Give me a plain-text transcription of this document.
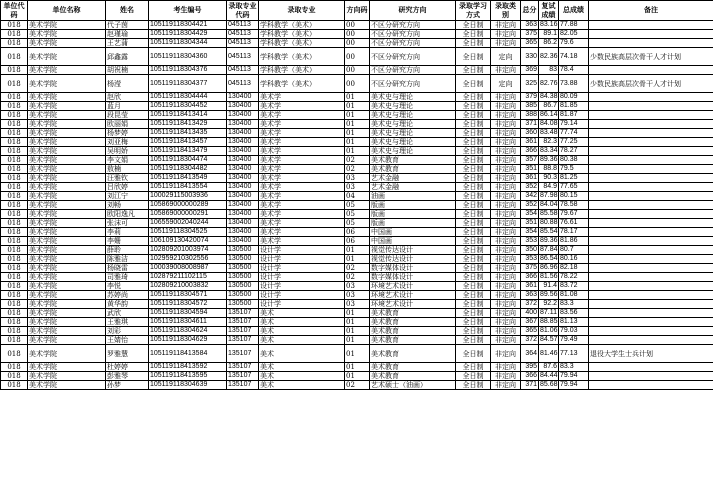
单位代码	单位名称	姓名	考生编号	录取专业代码	录取专业	方向码	研究方向	录取学习方式	录取类别	总分	复试成绩	总成绩	备注
018	美术学院	代子茵	105119118304421	045113	学科教学（美术）	00	不区分研究方向	全日制	非定向	363	83.16	77.88	
018	美术学院	赵瑾瑜	105119118304429	045113	学科教学（美术）	00	不区分研究方向	全日制	非定向	375	89.1	82.05	
018	美术学院	王艺蒲	105119118304344	045113	学科教学（美术）	00	不区分研究方向	全日制	非定向	365	86.2	79.6	
018	美术学院	邱鑫露	105119118304360	045113	学科教学（美术）	00	不区分研究方向	全日制	定向	330	82.36	74.18	少数民族高层次骨干人才计划
018	美术学院	胡祝楠	105119118304376	045113	学科教学（美术）	00	不区分研究方向	全日制	非定向	369	83	78.4	
018	美术学院	杨滢	105119118304377	045113	学科教学（美术）	00	不区分研究方向	全日制	定向	325	82.76	73.88	少数民族高层次骨干人才计划
018	美术学院	赵欣	105119118304444	130400	美术学	01	美术史与理论	全日制	非定向	379	84.38	80.09	
018	美术学院	蓝月	105119118304452	130400	美术学	01	美术史与理论	全日制	非定向	385	86.7	81.85	
018	美术学院	段昆莹	105119118413414	130400	美术学	01	美术史与理论	全日制	非定向	388	86.14	81.87	
018	美术学院	欧丽娟	105119118413429	130400	美术学	01	美术史与理论	全日制	非定向	371	84.08	79.14	
018	美术学院	杨梦婷	105119118413435	130400	美术学	01	美术史与理论	全日制	非定向	360	83.48	77.74	
018	美术学院	刘亚梅	105119118413457	130400	美术学	01	美术史与理论	全日制	非定向	361	82.3	77.25	
018	美术学院	吴明娇	105119118413479	130400	美术学	01	美术史与理论	全日制	非定向	366	83.34	78.27	
018	美术学院	李文娟	105119118304474	130400	美术学	02	美术教育	全日制	非定向	357	89.36	80.38	
018	美术学院	敖楠	105119118304482	130400	美术学	02	美术教育	全日制	非定向	351	88.8	79.5	
018	美术学院	汪雅钦	105119118413549	130400	美术学	03	艺术金融	全日制	非定向	361	90.3	81.25	
018	美术学院	吕欣婷	105119118413554	130400	美术学	03	艺术金融	全日制	非定向	352	84.9	77.65	
018	美术学院	刘江宁	100029115003936	130400	美术学	04	油画	全日制	非定向	342	87.98	80.15	
018	美术学院	刘畅	105869000000289	130400	美术学	05	版画	全日制	非定向	352	84.04	78.58	
018	美术学院	欧阳逸凡	105869000000291	130400	美术学	05	版画	全日制	非定向	354	85.58	79.67	
018	美术学院	张沫可	106559002040244	130400	美术学	05	版画	全日制	非定向	351	80.88	76.61	
018	美术学院	李莉	105119118304525	130400	美术学	06	中国画	全日制	非定向	354	85.54	78.17	
018	美术学院	李姗	106109130420074	130400	美术学	06	中国画	全日制	非定向	353	89.36	81.86	
018	美术学院	薛聆	102809201003974	130500	设计学	01	视觉传达设计	全日制	非定向	350	87.84	80.7	
018	美术学院	陈雅洁	102959210302556	130500	设计学	01	视觉传达设计	全日制	非定向	353	86.54	80.16	
018	美术学院	杨晓雷	100039008008987	130500	设计学	02	数字媒体设计	全日制	非定向	375	86.96	82.18	
018	美术学院	司雅琦	102879211102115	130500	设计学	02	数字媒体设计	全日制	非定向	366	81.56	78.22	
018	美术学院	李悦	102809210003832	130500	设计学	03	环境艺术设计	全日制	非定向	361	91.4	83.72	
018	美术学院	苏婷尚	105119118304571	130500	设计学	03	环境艺术设计	全日制	非定向	363	89.56	81.08	
018	美术学院	黄华韵	105119118304572	130500	设计学	03	环境艺术设计	全日制	非定向	372	92.2	83.3	
018	美术学院	武欣	105119118304594	135107	美术	01	美术教育	全日制	非定向	400	87.11	83.56	
018	美术学院	王雅琪	105119118304611	135107	美术	01	美术教育	全日制	非定向	367	88.85	81.13	
018	美术学院	刘彩	105119118304624	135107	美术	01	美术教育	全日制	非定向	365	81.06	79.03	
018	美术学院	王婧怡	105119118304629	135107	美术	01	美术教育	全日制	非定向	372	84.57	79.49	
018	美术学院	罗雅慧	105119118413584	135107	美术	01	美术教育	全日制	非定向	364	81.46	77.13	退役大学生士兵计划
018	美术学院	杜婷婷	105119118413592	135107	美术	01	美术教育	全日制	非定向	395	87.6	83.3	
018	美术学院	彭雅琴	105119118413595	135107	美术	01	美术教育	全日制	非定向	366	84.44	79.94	
018	美术学院	孙梦	105119118304639	135107	美术	02	艺术硕士（油画）	全日制	非定向	371	85.68	79.94	
